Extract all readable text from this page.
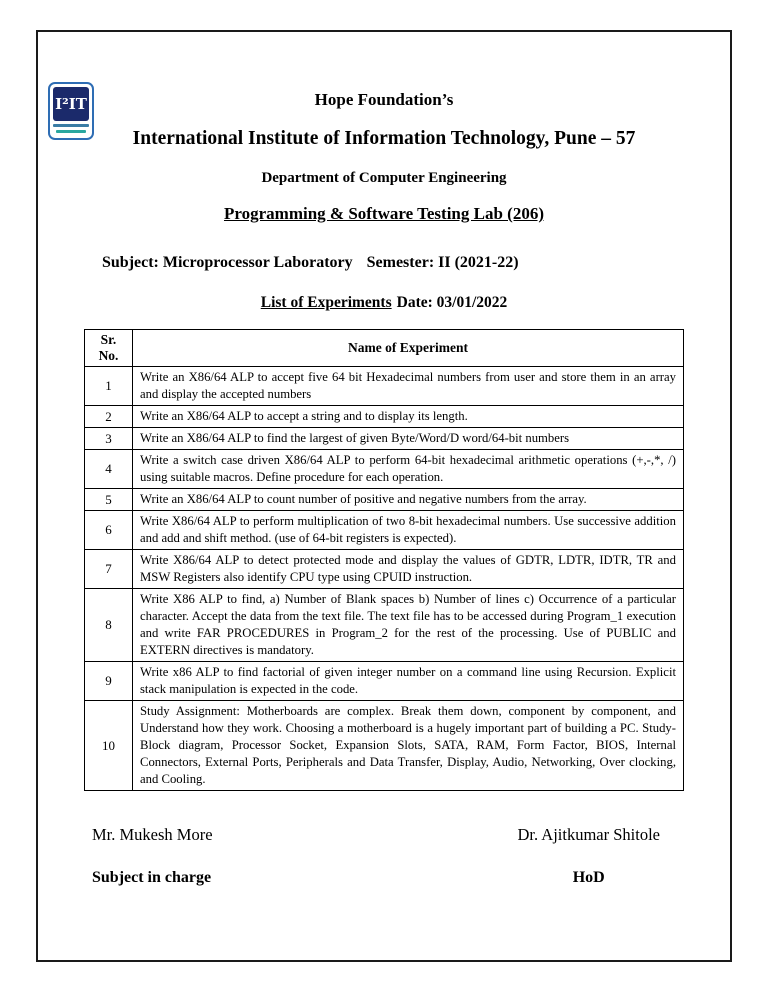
I²IT	Hope Foundation’s
International Institute of Information Technology, Pune – 57
Department of Computer Engineering
Programming & Software Testing Lab (206)
Subject: Microprocessor Laboratory Semester: II (2021-22)
List of Experiments Date: 03/01/2022
Sr.
No.	Name of Experiment
1	Write an X86/64 ALP to accept five 64 bit Hexadecimal numbers from user and store them in an array and display the accepted numbers
2	Write an X86/64 ALP to accept a string and to display its length.
3	Write an X86/64 ALP to find the largest of given Byte/Word/D word/64-bit numbers
4	Write a switch case driven X86/64 ALP to perform 64-bit hexadecimal arithmetic operations (+,-,*, /) using suitable macros. Define procedure for each operation.
5	Write an X86/64 ALP to count number of positive and negative numbers from the array.
6	Write X86/64 ALP to perform multiplication of two 8-bit hexadecimal numbers. Use successive addition and add and shift method. (use of 64-bit registers is expected).
7	Write X86/64 ALP to detect protected mode and display the values of GDTR, LDTR, IDTR, TR and MSW Registers also identify CPU type using CPUID instruction.
8	Write X86 ALP to find, a) Number of Blank spaces b) Number of lines c) Occurrence of a particular character. Accept the data from the text file. The text file has to be accessed during Program_1 execution and write FAR PROCEDURES in Program_2 for the rest of the processing. Use of PUBLIC and EXTERN directives is mandatory.
9	Write x86 ALP to find factorial of given integer number on a command line using Recursion. Explicit stack manipulation is expected in the code.
10	Study Assignment: Motherboards are complex. Break them down, component by component, and Understand how they work. Choosing a motherboard is a hugely important part of building a PC. Study- Block diagram, Processor Socket, Expansion Slots, SATA, RAM, Form Factor, BIOS, Internal Connectors, External Ports, Peripherals and Data Transfer, Display, Audio, Networking, Over clocking, and Cooling.
Mr. Mukesh More
Subject in charge
Dr. Ajitkumar Shitole
HoD
